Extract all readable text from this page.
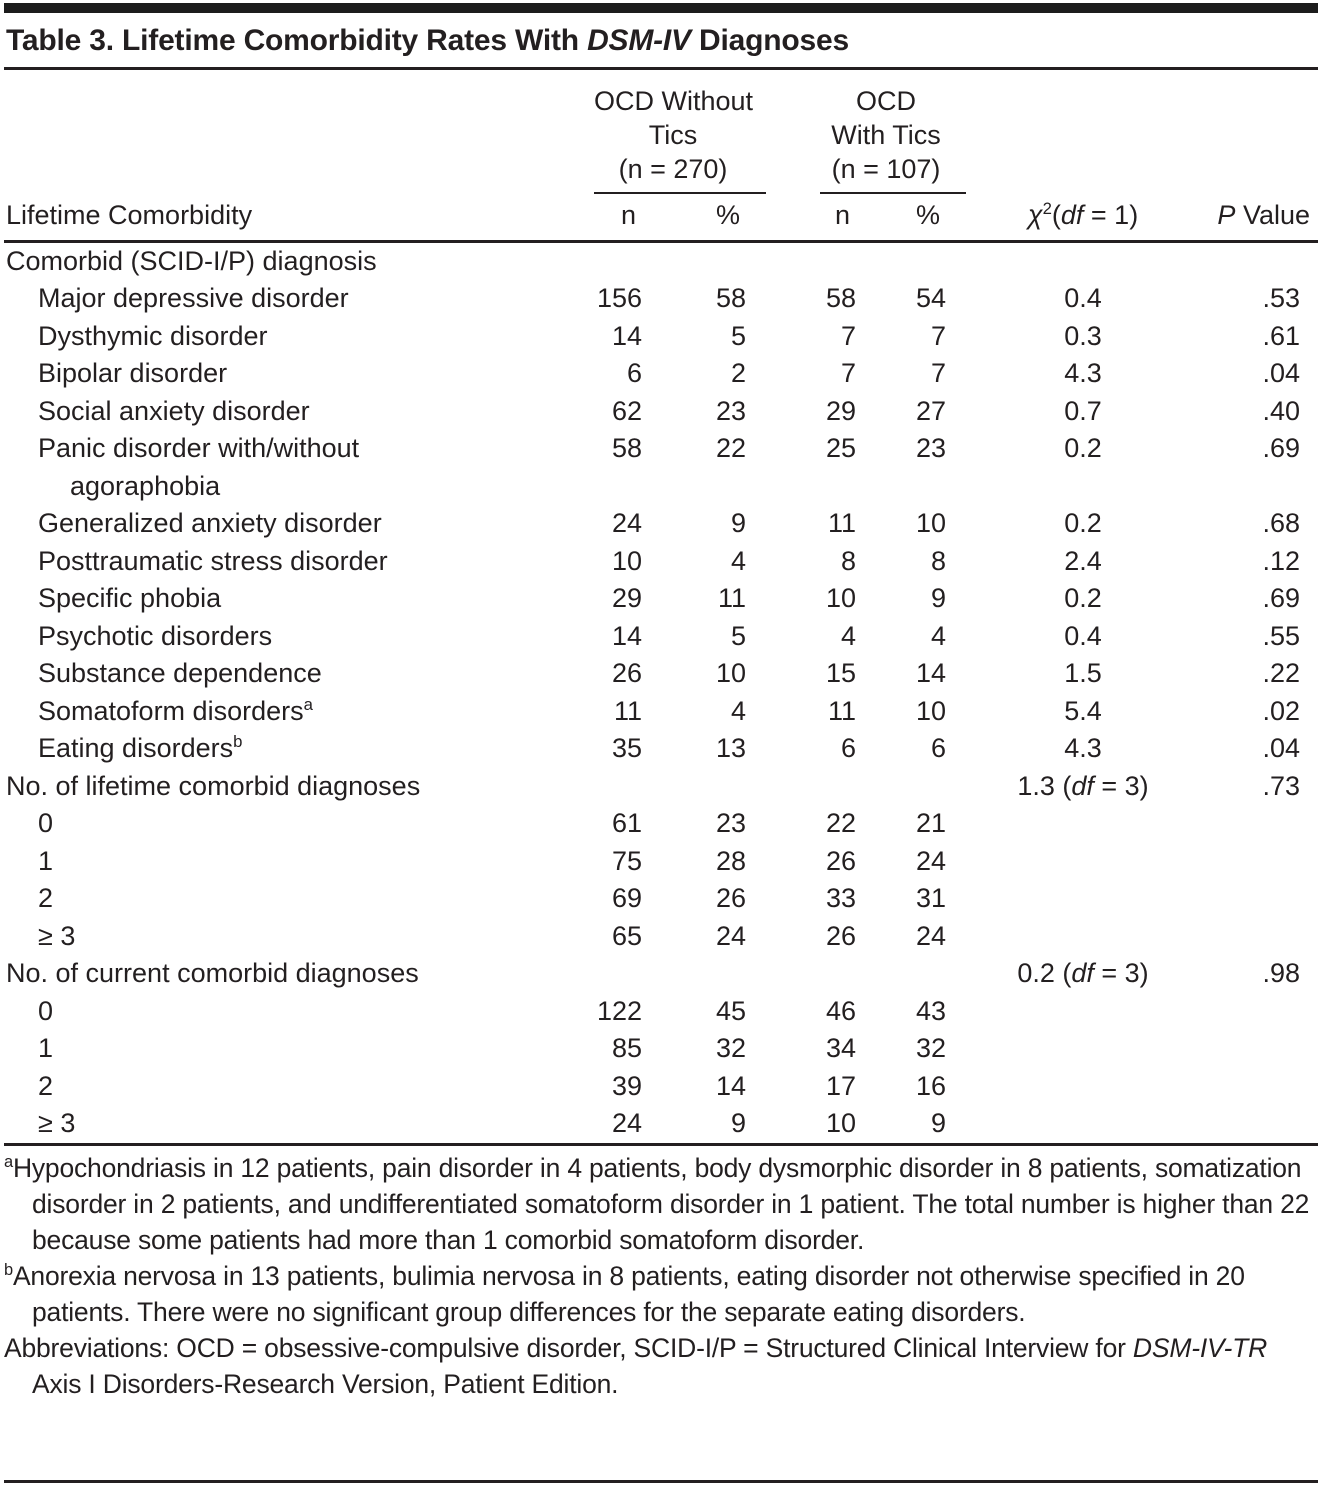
Table 3. Lifetime Comorbidity Rates With DSM-IV Diagnoses

OCD Without
Tics
(n = 270)

OCD
With Tics
(n = 107)

Lifetime Comorbidity	n	%	n	%	$\chi^2(df = 1)$	P Value
Comorbid (SCID-I/P) diagnosis						
Major depressive disorder	156	58	58	54	0.4	.53
Dysthymic disorder	14	5	7	7	0.3	.61
Bipolar disorder	6	2	7	7	4.3	.04
Social anxiety disorder	62	23	29	27	0.7	.40
Panic disorder with/without
agoraphobia	58	22	25	23	0.2	.69
Generalized anxiety disorder	24	9	11	10	0.2	.68
Posttraumatic stress disorder	10	4	8	8	2.4	.12
Specific phobia	29	11	10	9	0.2	.69
Psychotic disorders	14	5	4	4	0.4	.55
Substance dependence	26	10	15	14	1.5	.22
Somatoform disorders$^a$	11	4	11	10	5.4	.02
Eating disorders$^b$	35	13	6	6	4.3	.04
No. of lifetime comorbid diagnoses					1.3 (df = 3)	.73
0	61	23	22	21		
1	75	28	26	24		
2	69	26	33	31		
≥ 3	65	24	26	24		
No. of current comorbid diagnoses					0.2 (df = 3)	.98
0	122	45	46	43		
1	85	32	34	32		
2	39	14	17	16		
≥ 3	24	9	10	9		

$^a$Hypochondriasis in 12 patients, pain disorder in 4 patients, body dysmorphic disorder in 8 patients, somatization disorder in 2 patients, and undifferentiated somatoform disorder in 1 patient. The total number is higher than 22 because some patients had more than 1 comorbid somatoform disorder.

$^b$Anorexia nervosa in 13 patients, bulimia nervosa in 8 patients, eating disorder not otherwise specified in 20 patients. There were no significant group differences for the separate eating disorders.

Abbreviations: OCD = obsessive-compulsive disorder, SCID-I/P = Structured Clinical Interview for DSM-IV-TR Axis I Disorders-Research Version, Patient Edition.
